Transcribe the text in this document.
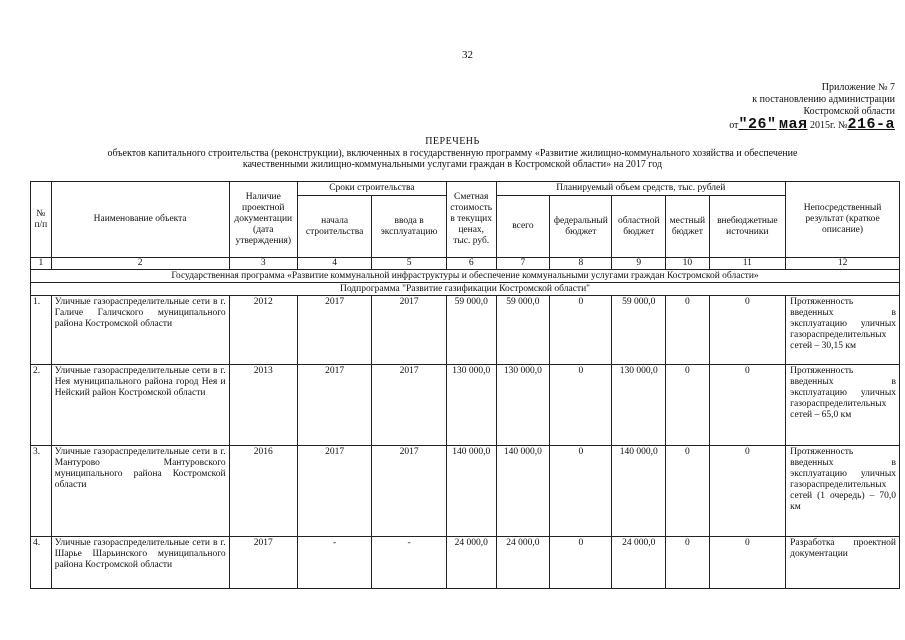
32
Приложение № 7
к постановлению администрации
Костромской области
от"26" мая 2015г. №216-а
ПЕРЕЧЕНЬ
объектов капитального строительства (реконструкции), включенных в государственную программу «Развитие жилищно-коммунального хозяйства и обеспечение
качественными жилищно-коммунальными услугами граждан в Костромской области» на 2017 год
№ п/п	Наименование объекта	Наличие проектной документации (дата утверждения)	Сроки строительства		Сметная стоимость в текущих ценах, тыс. руб.	Планируемый объем средств, тыс. рублей					Непосредственный результат (краткое описание)
			начала строительства	ввода в эксплуатацию		всего	федеральный бюджет	областной бюджет	местный бюджет	внебюджетные источники	
1	2	3	4	5	6	7	8	9	10	11	12
Государственная программа «Развитие коммунальной инфраструктуры и обеспечение коммунальными услугами граждан Костромской области»											
Подпрограмма "Развитие газификации Костромской области"											
1.	Уличные газораспределительные сети в г. Галиче Галичского муниципального района Костромской области	2012	2017	2017	59 000,0	59 000,0	0	59 000,0	0	0	Протяженность введенных в эксплуатацию уличных газораспределительных сетей – 30,15 км
2.	Уличные газораспределительные сети в г. Нея муниципального района город Нея и Нейский район Костромской области	2013	2017	2017	130 000,0	130 000,0	0	130 000,0	0	0	Протяженность введенных в эксплуатацию уличных газораспределительных сетей – 65,0 км
3.	Уличные газораспределительные сети в г. Мантурово Мантуровского муниципального района Костромской области	2016	2017	2017	140 000,0	140 000,0	0	140 000,0	0	0	Протяженность введенных в эксплуатацию уличных газораспределительных сетей (1 очередь) – 70,0 км
4.	Уличные газораспределительные сети в г. Шарье Шарьинского муниципального района Костромской области	2017	-	-	24 000,0	24 000,0	0	24 000,0	0	0	Разработка проектной документации
